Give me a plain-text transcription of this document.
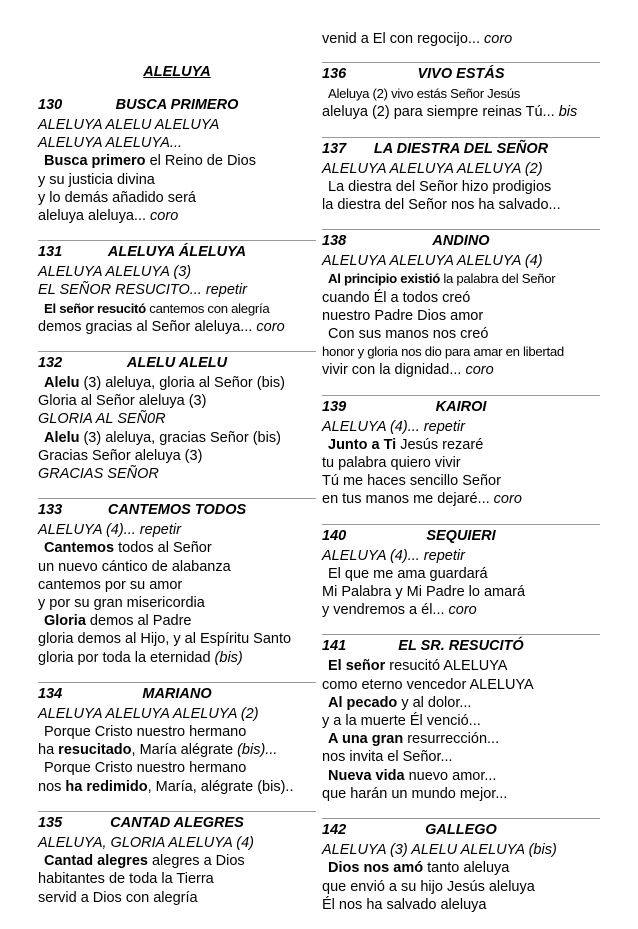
ALELUYA
130	BUSCA PRIMERO
ALELUYA ALELU ALELUYA
ALELUYA ALELUYA...
Busca primero el Reino de Dios
y su justicia divina
y lo demás añadido será
aleluya aleluya... coro
131	ALELUYA ÁLELUYA
ALELUYA ALELUYA (3)
EL SEÑOR RESUCITO... repetir
El señor resucitó cantemos con alegría
demos gracias al Señor aleluya... coro
132	ALELU ALELU
Alelu (3) aleluya, gloria al Señor (bis)
Gloria al Señor aleluya (3)
GLORIA AL SEÑ0R
Alelu (3) aleluya, gracias Señor (bis)
Gracias Señor aleluya (3)
GRACIAS SEÑOR
133	CANTEMOS TODOS
ALELUYA (4)... repetir
Cantemos todos al Señor
un nuevo cántico de alabanza
cantemos por su amor
y por su gran misericordia
Gloria demos al Padre
gloria demos al Hijo, y al Espíritu Santo
gloria por toda la eternidad (bis)
134	MARIANO
ALELUYA ALELUYA ALELUYA (2)
Porque Cristo nuestro hermano
ha resucitado, María alégrate (bis)...
Porque Cristo nuestro hermano
nos ha redimido, María, alégrate (bis)..
135	CANTAD ALEGRES
ALELUYA, GLORIA ALELUYA (4)
Cantad alegres alegres a Dios
habitantes de toda la Tierra
servid a Dios con alegría
venid a El con regocijo... coro
136	VIVO ESTÁS
Aleluya (2) vivo estás Señor Jesús
aleluya (2) para siempre reinas Tú... bis
137	LA DIESTRA DEL SEÑOR
ALELUYA ALELUYA ALELUYA (2)
La diestra del Señor hizo prodigios
la diestra del Señor nos ha salvado...
138	ANDINO
ALELUYA ALELUYA ALELUYA (4)
Al principio existió la palabra del Señor
cuando Él a todos creó
nuestro Padre Dios amor
Con sus manos nos creó
honor y gloria nos dio para amar en libertad
vivir con la dignidad... coro
139	KAIROI
ALELUYA (4)... repetir
Junto a Ti Jesús rezaré
tu palabra quiero vivir
Tú me haces sencillo Señor
en tus manos me dejaré... coro
140	SEQUIERI
ALELUYA (4)... repetir
El que me ama guardará
Mi Palabra y Mi Padre lo amará
y vendremos a él... coro
141	EL SR. RESUCITÓ
El señor resucitó ALELUYA
como eterno vencedor ALELUYA
Al pecado y al dolor...
y a la muerte Él venció...
A una gran resurrección...
nos invita el Señor...
Nueva vida nuevo amor...
que harán un mundo mejor...
142	GALLEGO
ALELUYA (3) ALELU ALELUYA (bis)
Dios nos amó tanto aleluya
que envió a su hijo Jesús aleluya
Él nos ha salvado aleluya
